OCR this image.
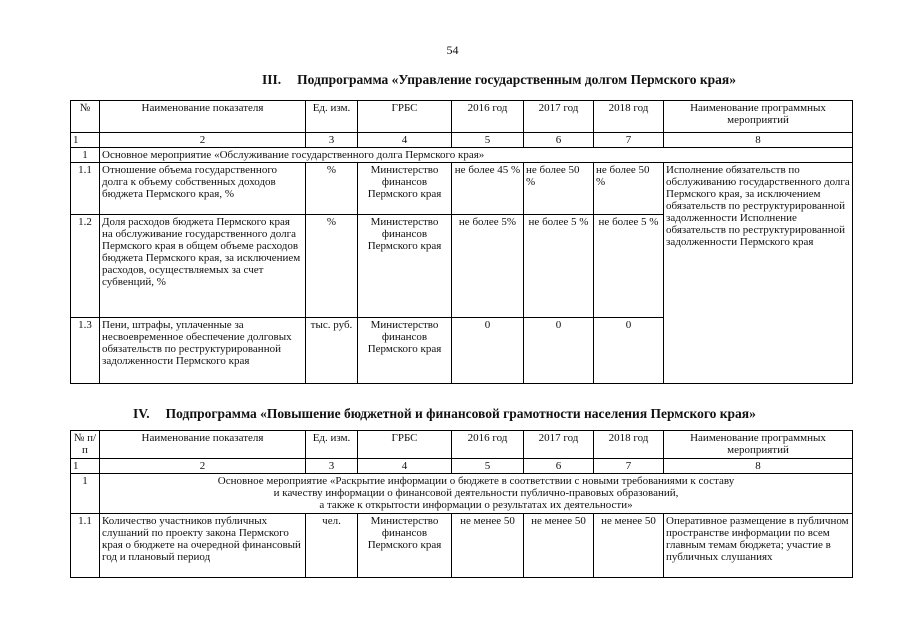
54
III. Подпрограмма «Управление государственным долгом Пермского края»
№	Наименование показателя	Ед. изм.	ГРБС	2016 год	2017 год	2018 год	Наименование программных мероприятий
1	2	3	4	5	6	7	8
1	Основное мероприятие «Обслуживание государственного долга Пермского края»						
1.1	Отношение объема государственного долга к объему собственных доходов бюджета Пермского края, %	%	Министерство финансов Пермского края	не более 45 %	не более 50 %	не более 50 %	Исполнение обязательств по обслуживанию государственного долга Пермского края, за исключением обязательств по реструктурированной задолженности Исполнение обязательств по реструктурированной задолженности Пермского края
1.2	Доля расходов бюджета Пермского края на обслуживание государственного долга Пермского края в общем объеме расходов бюджета Пермского края, за исключением расходов, осуществляемых за счет субвенций, %	%	Министерство финансов Пермского края	не более 5%	не более 5 %	не более 5 %	
1.3	Пени, штрафы, уплаченные за несвоевременное обеспечение долговых обязательств по реструктурированной задолженности Пермского края	тыс. руб.	Министерство финансов Пермского края	0	0	0	
IV. Подпрограмма «Повышение бюджетной и финансовой грамотности населения Пермского края»
№ п/п	Наименование показателя	Ед. изм.	ГРБС	2016 год	2017 год	2018 год	Наименование программных мероприятий
1	2	3	4	5	6	7	8
1	Основное мероприятие «Раскрытие информации о бюджете в соответствии с новыми требованиями к составу
и качеству информации о финансовой деятельности публично-правовых образований,
а также к открытости информации о результатах их деятельности»						

1.1	Количество участников публичных слушаний по проекту закона Пермского края о бюджете на очередной финансовый год и плановый период	чел.	Министерство финансов Пермского края	не менее 50	не менее 50	не менее 50	Оперативное размещение в публичном пространстве информации по всем главным темам бюджета; участие в публичных слушаниях
